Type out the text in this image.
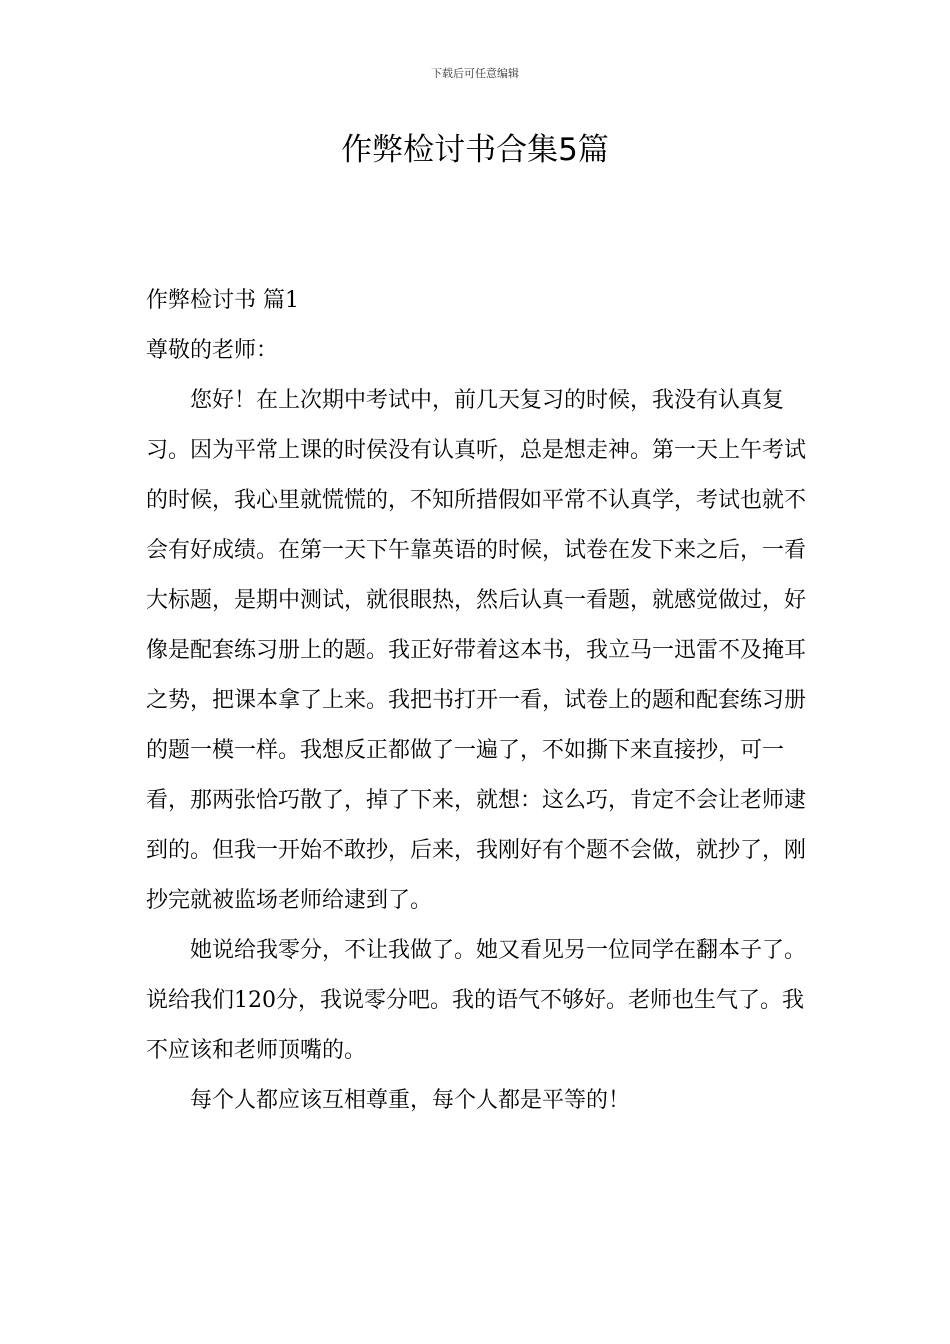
下载后可任意编辑
作弊检讨书合集5篇

作弊检讨书 篇1

尊敬的老师：

您好！在上次期中考试中，前几天复习的时候，我没有认真复习。因为平常上课的时侯没有认真听，总是想走神。第一天上午考试的时候，我心里就慌慌的，不知所措假如平常不认真学，考试也就不会有好成绩。在第一天下午靠英语的时候，试卷在发下来之后，一看大标题，是期中测试，就很眼热，然后认真一看题，就感觉做过，好像是配套练习册上的题。我正好带着这本书，我立马一迅雷不及掩耳之势，把课本拿了上来。我把书打开一看，试卷上的题和配套练习册的题一模一样。我想反正都做了一遍了，不如撕下来直接抄，可一看，那两张恰巧散了，掉了下来，就想：这么巧，肯定不会让老师逮到的。但我一开始不敢抄，后来，我刚好有个题不会做，就抄了，刚抄完就被监场老师给逮到了。

她说给我零分，不让我做了。她又看见另一位同学在翻本子了。说给我们120分，我说零分吧。我的语气不够好。老师也生气了。我不应该和老师顶嘴的。

每个人都应该互相尊重，每个人都是平等的！
